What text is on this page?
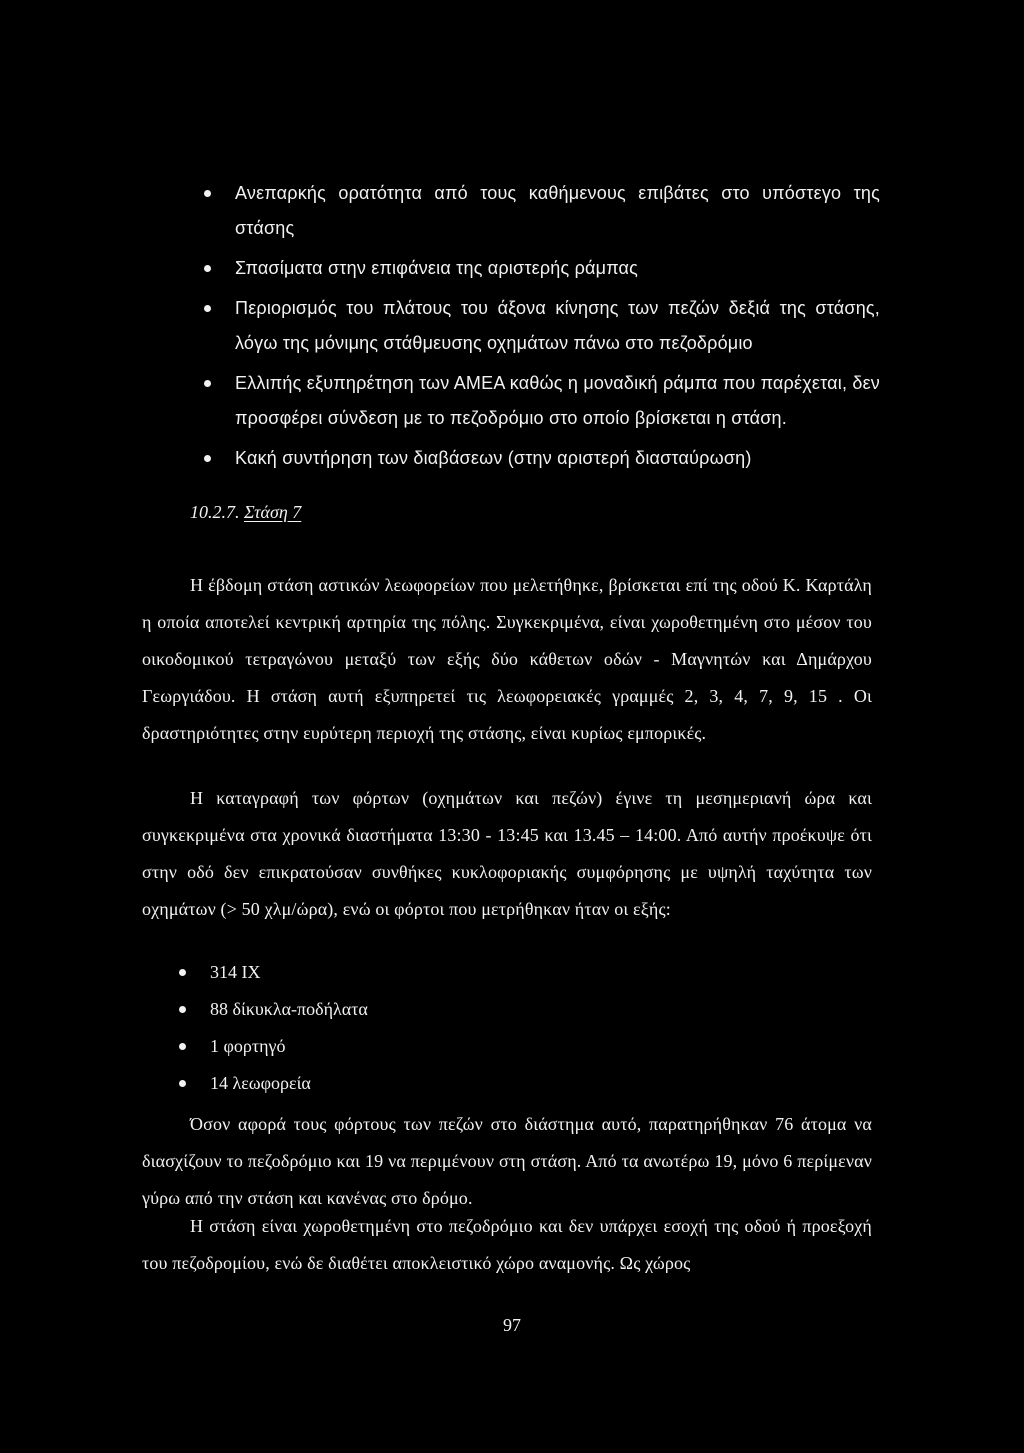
Ανεπαρκής ορατότητα από τους καθήμενους επιβάτες στο υπόστεγο της στάσης
Σπασίματα στην επιφάνεια της αριστερής ράμπας
Περιορισμός του πλάτους του άξονα κίνησης των πεζών δεξιά της στάσης, λόγω της μόνιμης στάθμευσης οχημάτων πάνω στο πεζοδρόμιο
Ελλιπής εξυπηρέτηση των ΑΜΕΑ καθώς η μοναδική ράμπα που παρέχεται, δεν προσφέρει σύνδεση με το πεζοδρόμιο στο οποίο βρίσκεται η στάση.
Κακή συντήρηση των διαβάσεων (στην αριστερή διασταύρωση)
10.2.7. Στάση 7

Η έβδομη στάση αστικών λεωφορείων που μελετήθηκε, βρίσκεται επί της οδού Κ. Καρτάλη η οποία αποτελεί κεντρική αρτηρία της πόλης. Συγκεκριμένα, είναι χωροθετημένη στο μέσον του οικοδομικού τετραγώνου μεταξύ των εξής δύο κάθετων οδών - Μαγνητών και Δημάρχου Γεωργιάδου. Η στάση αυτή εξυπηρετεί τις λεωφορειακές γραμμές 2, 3, 4, 7, 9, 15 . Οι δραστηριότητες στην ευρύτερη περιοχή της στάσης, είναι κυρίως εμπορικές.

Η καταγραφή των φόρτων (οχημάτων και πεζών) έγινε τη μεσημεριανή ώρα και συγκεκριμένα στα χρονικά διαστήματα 13:30 - 13:45 και 13.45 – 14:00. Από αυτήν προέκυψε ότι στην οδό δεν επικρατούσαν συνθήκες κυκλοφοριακής συμφόρησης με υψηλή ταχύτητα των οχημάτων (> 50 χλμ/ώρα), ενώ οι φόρτοι που μετρήθηκαν ήταν οι εξής:

314 ΙΧ
88 δίκυκλα-ποδήλατα
1 φορτηγό
14 λεωφορεία

Όσον αφορά τους φόρτους των πεζών στο διάστημα αυτό, παρατηρήθηκαν 76 άτομα να διασχίζουν το πεζοδρόμιο και 19 να περιμένουν στη στάση. Από τα ανωτέρω 19, μόνο 6 περίμεναν γύρω από την στάση και κανένας στο δρόμο.

Η στάση είναι χωροθετημένη στο πεζοδρόμιο και δεν υπάρχει εσοχή της οδού ή προεξοχή του πεζοδρομίου, ενώ δε διαθέτει αποκλειστικό χώρο αναμονής. Ως χώρος

97
